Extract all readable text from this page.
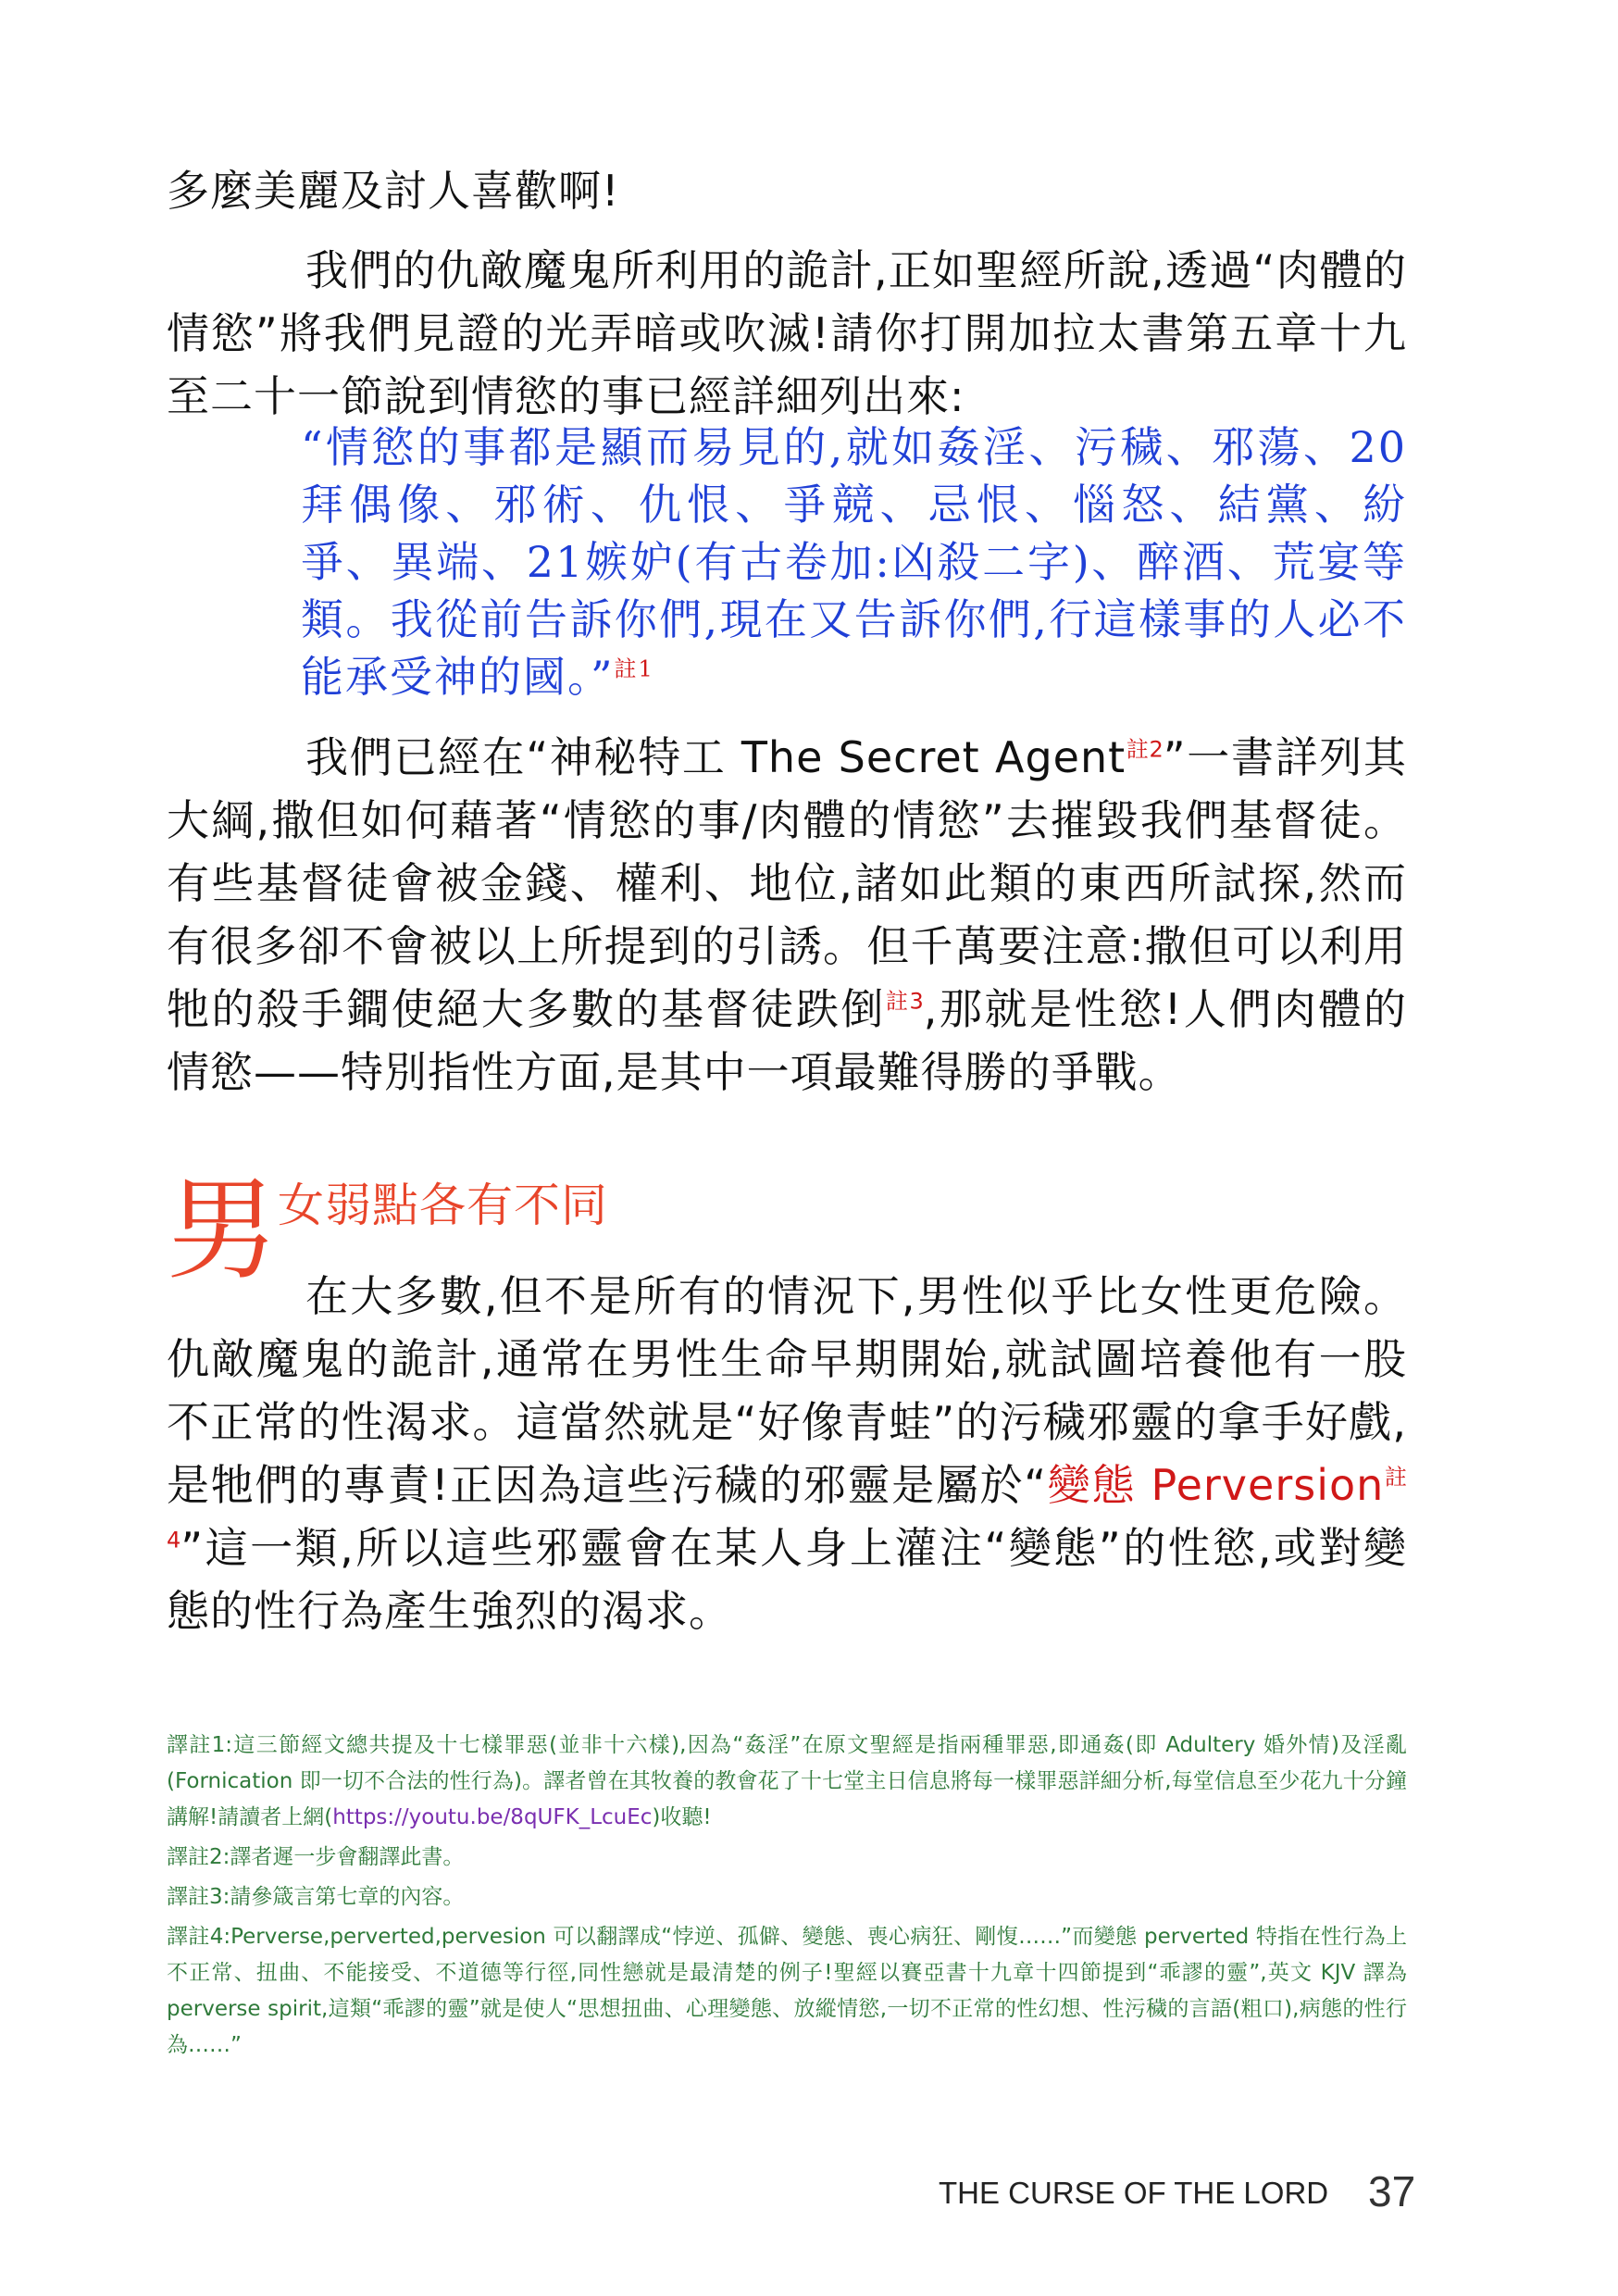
多麼美麗及討人喜歡啊!

我們的仇敵魔鬼所利用的詭計,正如聖經所說,透過“肉體的情慾”將我們見證的光弄暗或吹滅!請你打開加拉太書第五章十九至二十一節說到情慾的事已經詳細列出來:

“情慾的事都是顯而易見的,就如姦淫、污穢、邪蕩、20拜偶像、邪術、仇恨、爭競、忌恨、惱怒、結黨、紛爭、異端、21嫉妒(有古卷加:凶殺二字)、醉酒、荒宴等類。我從前告訴你們,現在又告訴你們,行這樣事的人必不能承受神的國。”$^{註1}$

我們已經在“神秘特工 The Secret Agent$^{註2}$”一書詳列其大綱,撒但如何藉著“情慾的事/肉體的情慾”去摧毀我們基督徒。有些基督徒會被金錢、權利、地位,諸如此類的東西所試探,然而有很多卻不會被以上所提到的引誘。但千萬要注意:撒但可以利用牠的殺手鐧使絕大多數的基督徒跌倒$^{註3}$,那就是性慾!人們肉體的情慾——特別指性方面,是其中一項最難得勝的爭戰。

男 女弱點各有不同

在大多數,但不是所有的情況下,男性似乎比女性更危險。仇敵魔鬼的詭計,通常在男性生命早期開始,就試圖培養他有一股不正常的性渴求。這當然就是“好像青蛙”的污穢邪靈的拿手好戲,是牠們的專責!正因為這些污穢的邪靈是屬於“變態 Perversion$^{註4}$”這一類,所以這些邪靈會在某人身上灌注“變態”的性慾,或對變態的性行為產生強烈的渴求。

譯註1:這三節經文總共提及十七樣罪惡(並非十六樣),因為“姦淫”在原文聖經是指兩種罪惡,即通姦(即 Adultery 婚外情)及淫亂(Fornication 即一切不合法的性行為)。譯者曾在其牧養的教會花了十七堂主日信息將每一樣罪惡詳細分析,每堂信息至少花九十分鐘講解!請讀者上網(https://youtu.be/8qUFK_LcuEc)收聽!

譯註2:譯者遲一步會翻譯此書。

譯註3:請參箴言第七章的內容。

譯註4:Perverse,perverted,pervesion 可以翻譯成“悖逆、孤僻、變態、喪心病狂、剛愎……”而變態 perverted 特指在性行為上不正常、扭曲、不能接受、不道德等行徑,同性戀就是最清楚的例子!聖經以賽亞書十九章十四節提到“乖謬的靈”,英文 KJV 譯為 perverse spirit,這類“乖謬的靈”就是使人“思想扭曲、心理變態、放縱情慾,一切不正常的性幻想、性污穢的言語(粗口),病態的性行為……”

THE CURSE OF THE LORD 37
